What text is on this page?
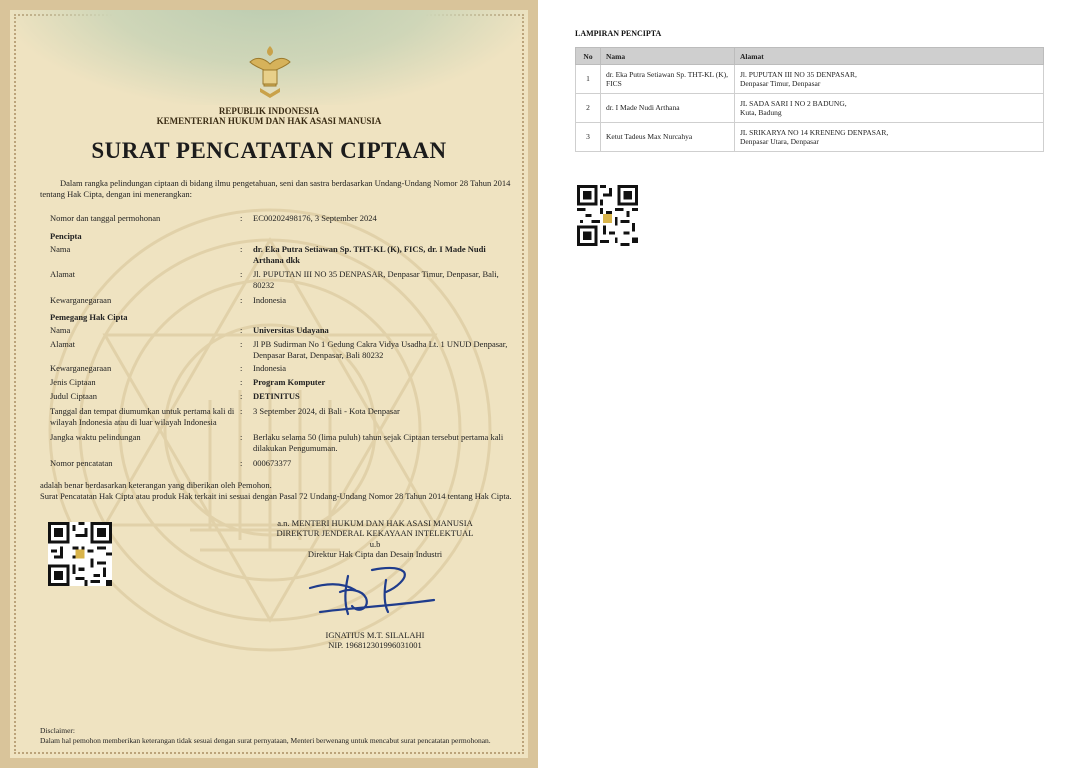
REPUBLIK INDONESIA
KEMENTERIAN HUKUM DAN HAK ASASI MANUSIA
SURAT PENCATATAN CIPTAAN
Dalam rangka pelindungan ciptaan di bidang ilmu pengetahuan, seni dan sastra berdasarkan Undang-Undang Nomor 28 Tahun 2014 tentang Hak Cipta, dengan ini menerangkan:
Nomor dan tanggal permohonan	: EC00202498176, 3 September 2024
Pencipta
Nama	: dr. Eka Putra Setiawan Sp. THT-KL (K), FICS, dr. I Made Nudi Arthana dkk
Alamat	: Jl. PUPUTAN III NO 35 DENPASAR, Denpasar Timur, Denpasar, Bali, 80232
Kewarganegaraan	: Indonesia
Pemegang Hak Cipta
Nama	: Universitas Udayana
Alamat	: Jl PB Sudirman No 1 Gedung Cakra Vidya Usadha Lt. 1 UNUD Denpasar, Denpasar Barat, Denpasar, Bali 80232
Kewarganegaraan	: Indonesia
Jenis Ciptaan	: Program Komputer
Judul Ciptaan	: DETINITUS
Tanggal dan tempat diumumkan untuk pertama kali di wilayah Indonesia atau di luar wilayah Indonesia
: 3 September 2024, di Bali - Kota Denpasar
Jangka waktu pelindungan	: Berlaku selama 50 (lima puluh) tahun sejak Ciptaan tersebut pertama kali dilakukan Pengumuman.
Nomor pencatatan	: 000673377
adalah benar berdasarkan keterangan yang diberikan oleh Pemohon.
Surat Pencatatan Hak Cipta atau produk Hak terkait ini sesuai dengan Pasal 72 Undang-Undang Nomor 28 Tahun 2014 tentang Hak Cipta.
a.n. MENTERI HUKUM DAN HAK ASASI MANUSIA
DIREKTUR JENDERAL KEKAYAAN INTELEKTUAL
u.b
Direktur Hak Cipta dan Desain Industri
IGNATIUS M.T. SILALAHI
NIP. 196812301996031001
Disclaimer:
Dalam hal pemohon memberikan keterangan tidak sesuai dengan surat pernyataan, Menteri berwenang untuk mencabut surat pencatatan permohonan.
LAMPIRAN PENCIPTA
No	Nama	Alamat
1	dr. Eka Putra Setiawan Sp. THT-KL (K), FICS	Jl. PUPUTAN III NO 35 DENPASAR,
Denpasar Timur, Denpasar

2	dr. I Made Nudi Arthana	JL SADA SARI I NO 2 BADUNG,
Kuta, Badung

3	Ketut Tadeus Max Nurcahya	JL SRIKARYA NO 14 KRENENG DENPASAR,
Denpasar Utara, Denpasar
